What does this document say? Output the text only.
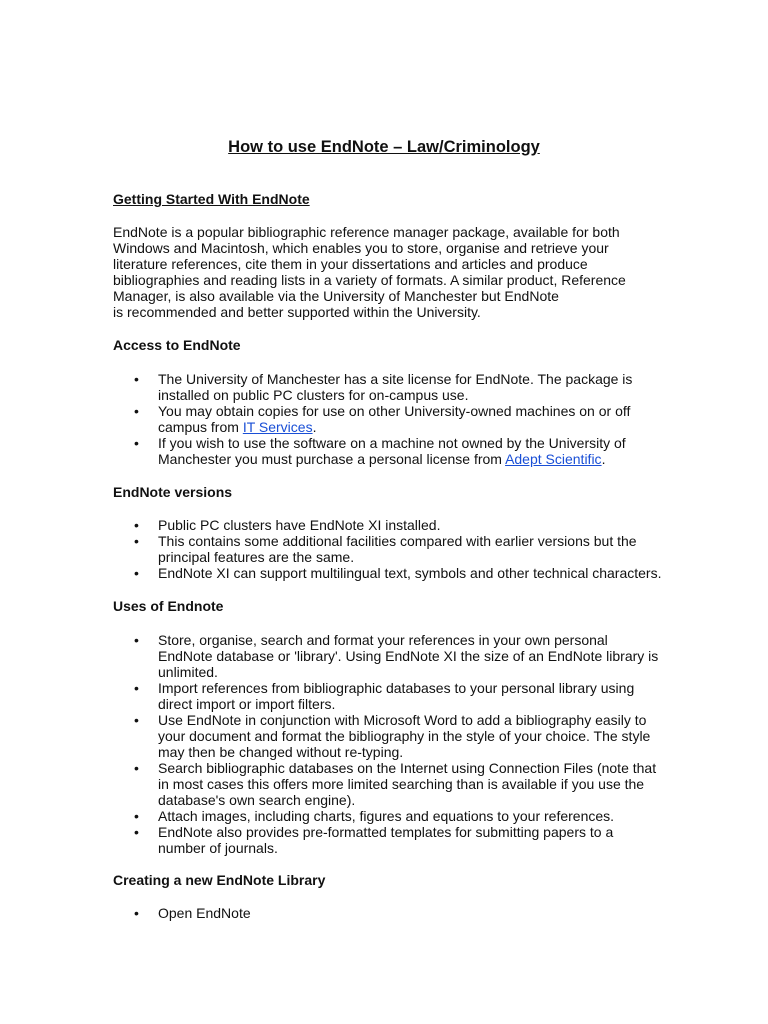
How to use EndNote – Law/Criminology
Getting Started With EndNote
EndNote is a popular bibliographic reference manager package, available for both
Windows and Macintosh, which enables you to store, organise and retrieve your
literature references, cite them in your dissertations and articles and produce
bibliographies and reading lists in a variety of formats. A similar product, Reference
Manager, is also available via the University of Manchester but EndNote
is recommended and better supported within the University.
Access to EndNote
• The University of Manchester has a site license for EndNote. The package is
installed on public PC clusters for on-campus use.
• You may obtain copies for use on other University-owned machines on or off
campus from IT Services.
• If you wish to use the software on a machine not owned by the University of
Manchester you must purchase a personal license from Adept Scientific.
EndNote versions
• Public PC clusters have EndNote XI installed.
• This contains some additional facilities compared with earlier versions but the
principal features are the same.
• EndNote XI can support multilingual text, symbols and other technical characters.
Uses of Endnote
• Store, organise, search and format your references in your own personal
EndNote database or 'library'. Using EndNote XI the size of an EndNote library is
unlimited.
• Import references from bibliographic databases to your personal library using
direct import or import filters.
• Use EndNote in conjunction with Microsoft Word to add a bibliography easily to
your document and format the bibliography in the style of your choice. The style
may then be changed without re-typing.
• Search bibliographic databases on the Internet using Connection Files (note that
in most cases this offers more limited searching than is available if you use the
database's own search engine).
• Attach images, including charts, figures and equations to your references.
• EndNote also provides pre-formatted templates for submitting papers to a
number of journals.
Creating a new EndNote Library
• Open EndNote
